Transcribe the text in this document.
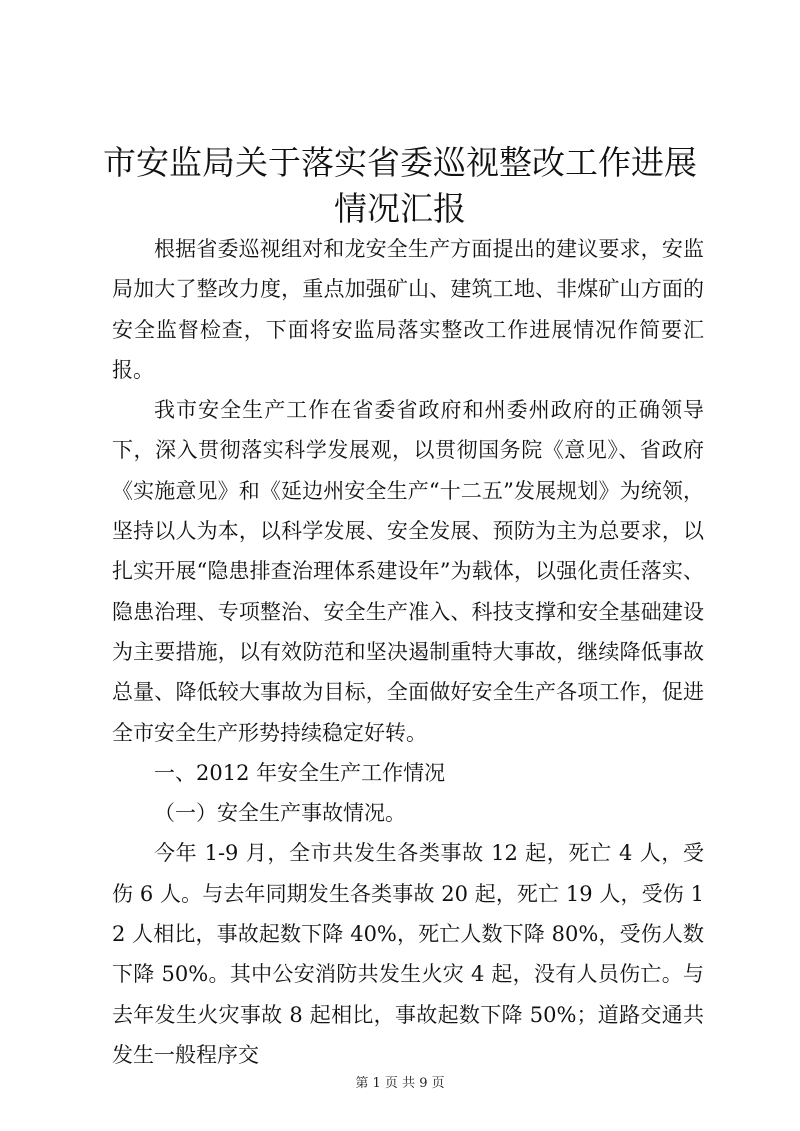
市安监局关于落实省委巡视整改工作进展情况汇报

根据省委巡视组对和龙安全生产方面提出的建议要求，安监局加大了整改力度，重点加强矿山、建筑工地、非煤矿山方面的安全监督检查，下面将安监局落实整改工作进展情况作简要汇报。

我市安全生产工作在省委省政府和州委州政府的正确领导下，深入贯彻落实科学发展观，以贯彻国务院《意见》、省政府《实施意见》和《延边州安全生产“十二五”发展规划》为统领，坚持以人为本，以科学发展、安全发展、预防为主为总要求，以扎实开展“隐患排查治理体系建设年”为载体，以强化责任落实、隐患治理、专项整治、安全生产准入、科技支撑和安全基础建设为主要措施，以有效防范和坚决遏制重特大事故，继续降低事故总量、降低较大事故为目标，全面做好安全生产各项工作，促进全市安全生产形势持续稳定好转。

一、2012 年安全生产工作情况

（一）安全生产事故情况。

今年 1-9 月，全市共发生各类事故 12 起，死亡 4 人，受伤 6 人。与去年同期发生各类事故 20 起，死亡 19 人，受伤 12 人相比，事故起数下降 40%，死亡人数下降 80%，受伤人数下降 50%。其中公安消防共发生火灾 4 起，没有人员伤亡。与去年发生火灾事故 8 起相比，事故起数下降 50%；道路交通共发生一般程序交

第 1 页 共 9 页
